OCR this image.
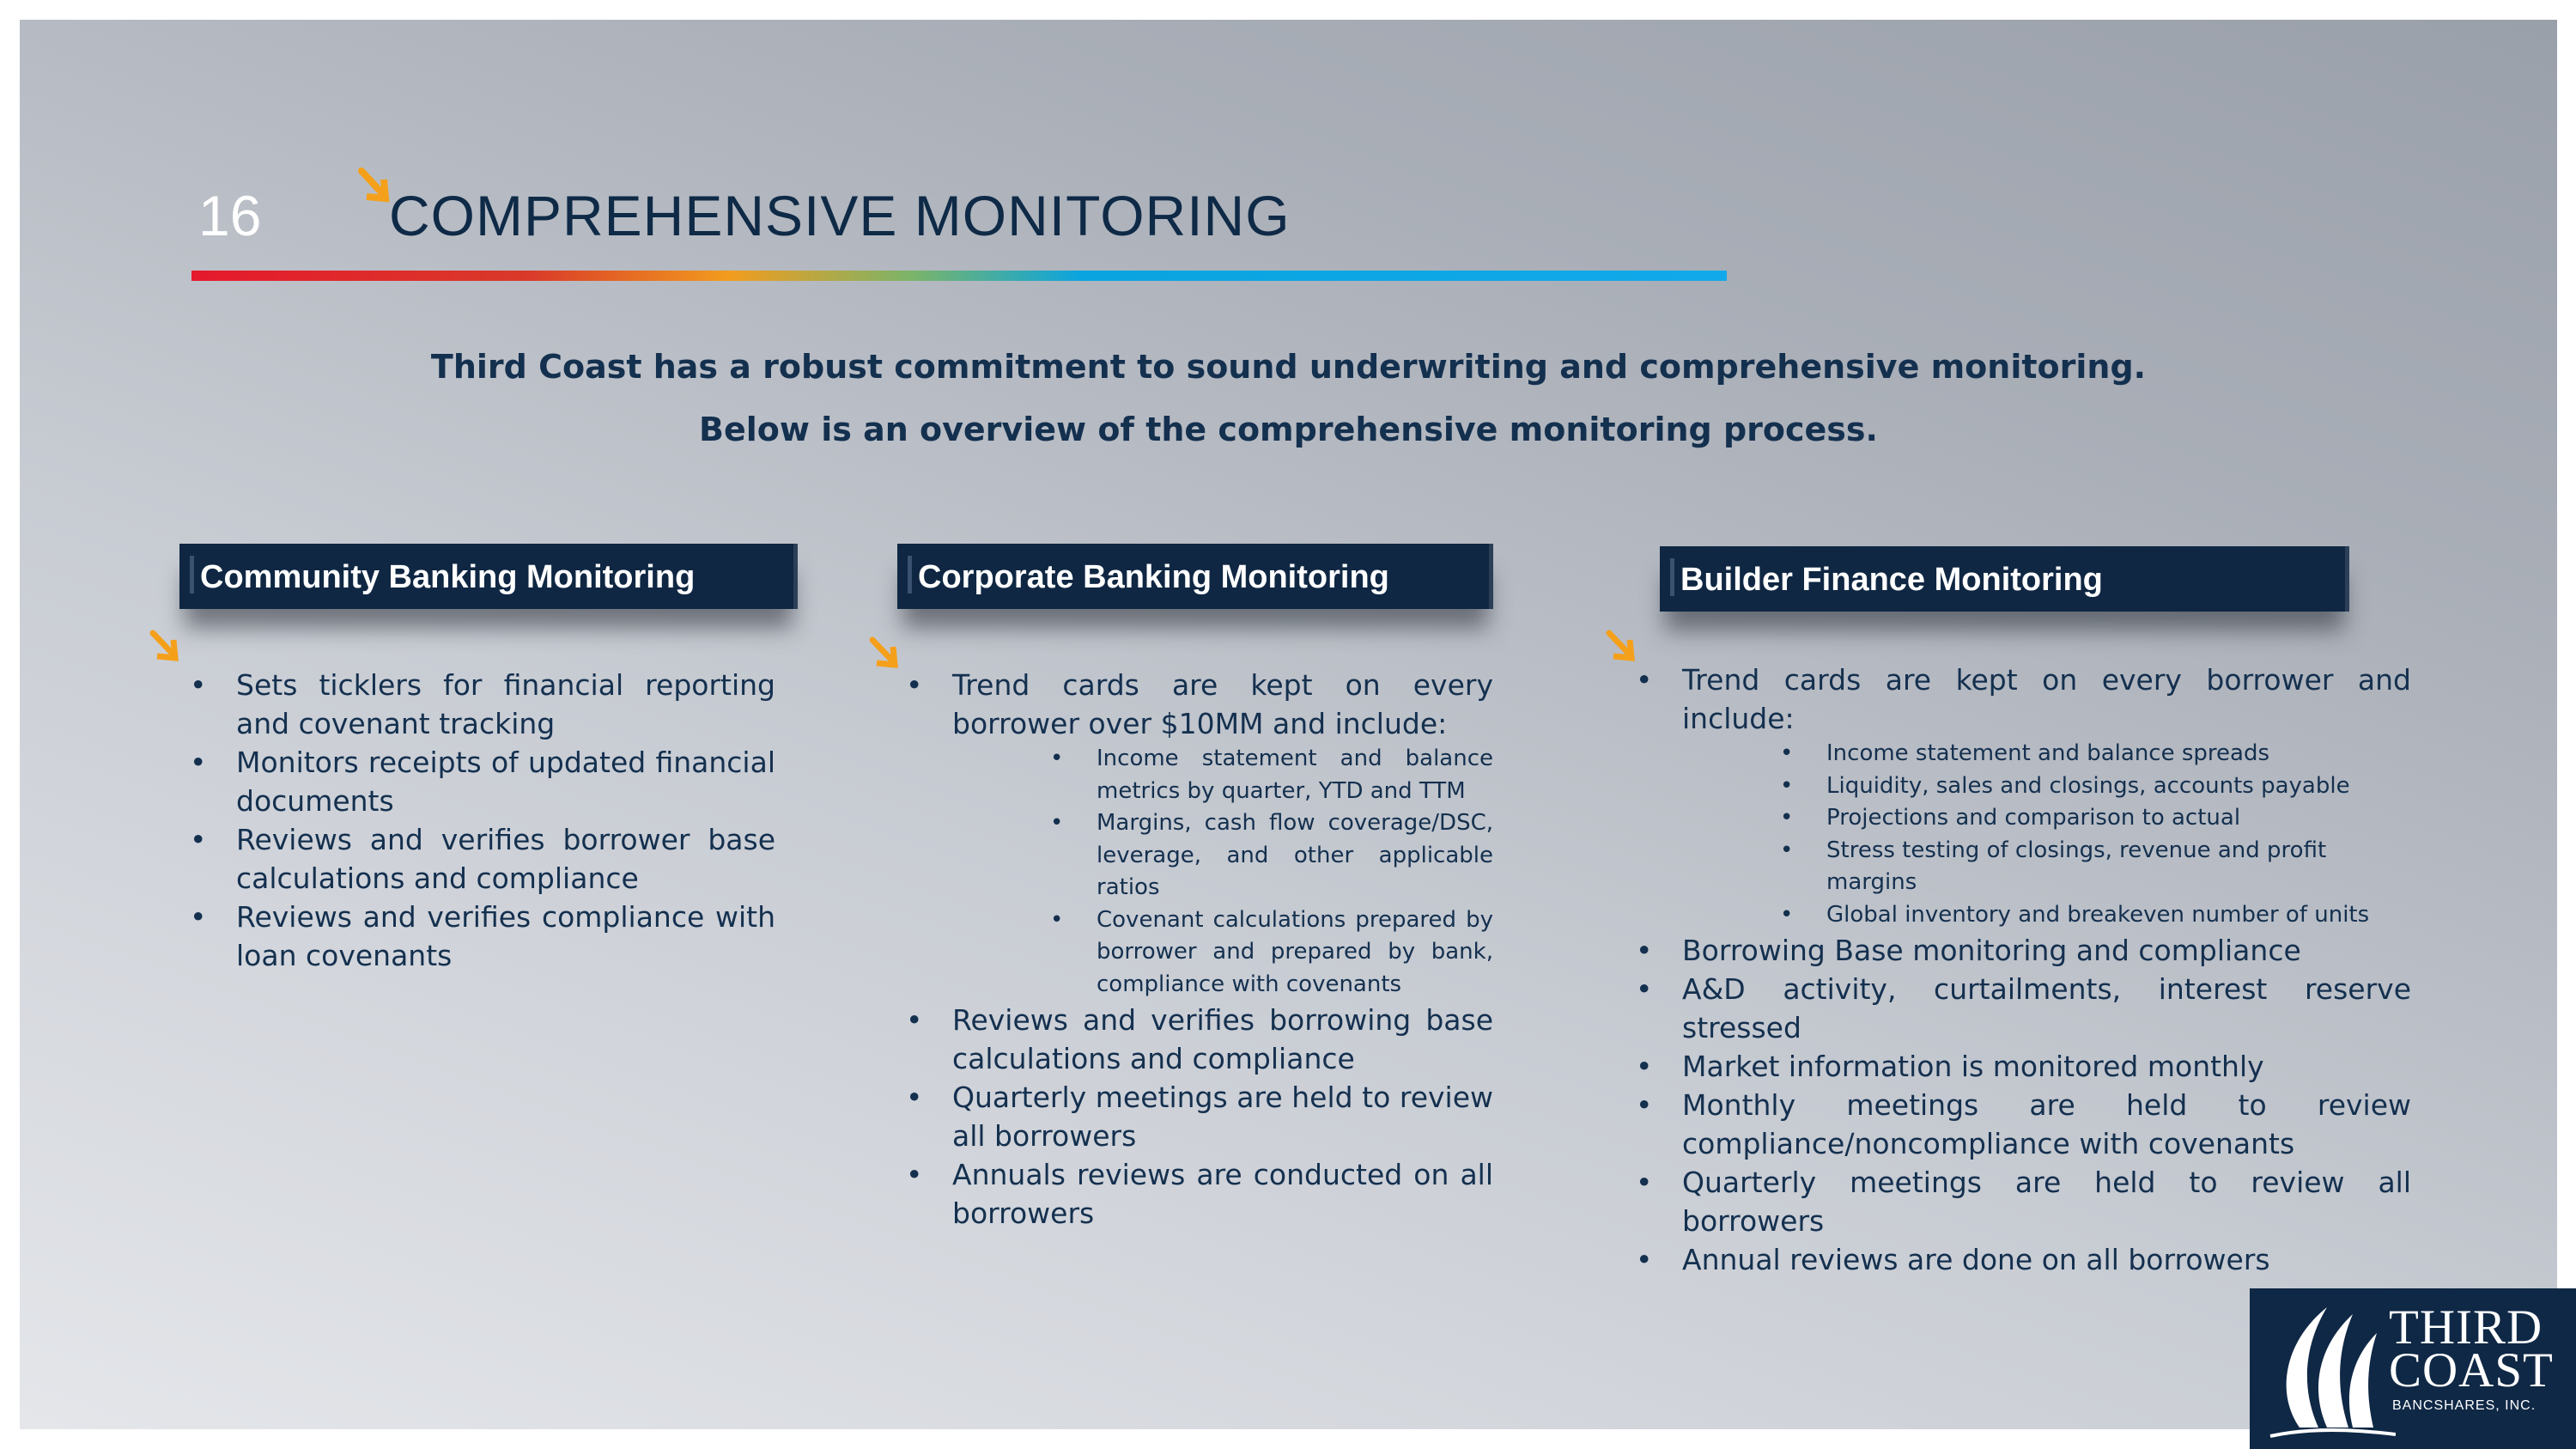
16 COMPREHENSIVE MONITORING
Third Coast has a robust commitment to sound underwriting and comprehensive monitoring.
Below is an overview of the comprehensive monitoring process.
Community Banking Monitoring
• Sets ticklers for financial reporting and covenant tracking
• Monitors receipts of updated financial documents
• Reviews and verifies borrower base calculations and compliance
• Reviews and verifies compliance with loan covenants
Corporate Banking Monitoring
• Trend cards are kept on every borrower over $10MM and include:
• Income statement and balance metrics by quarter, YTD and TTM
• Margins, cash flow coverage/DSC, leverage, and other applicable ratios
• Covenant calculations prepared by borrower and prepared by bank, compliance with covenants
• Reviews and verifies borrowing base calculations and compliance
• Quarterly meetings are held to review all borrowers
• Annuals reviews are conducted on all borrowers
Builder Finance Monitoring
• Trend cards are kept on every borrower and include:
• Income statement and balance spreads
• Liquidity, sales and closings, accounts payable
• Projections and comparison to actual
• Stress testing of closings, revenue and profit margins
• Global inventory and breakeven number of units
• Borrowing Base monitoring and compliance
• A&D activity, curtailments, interest reserve stressed
• Market information is monitored monthly
• Monthly meetings are held to review compliance/noncompliance with covenants
• Quarterly meetings are held to review all borrowers
• Annual reviews are done on all borrowers
THIRD
COAST
BANCSHARES, INC.
